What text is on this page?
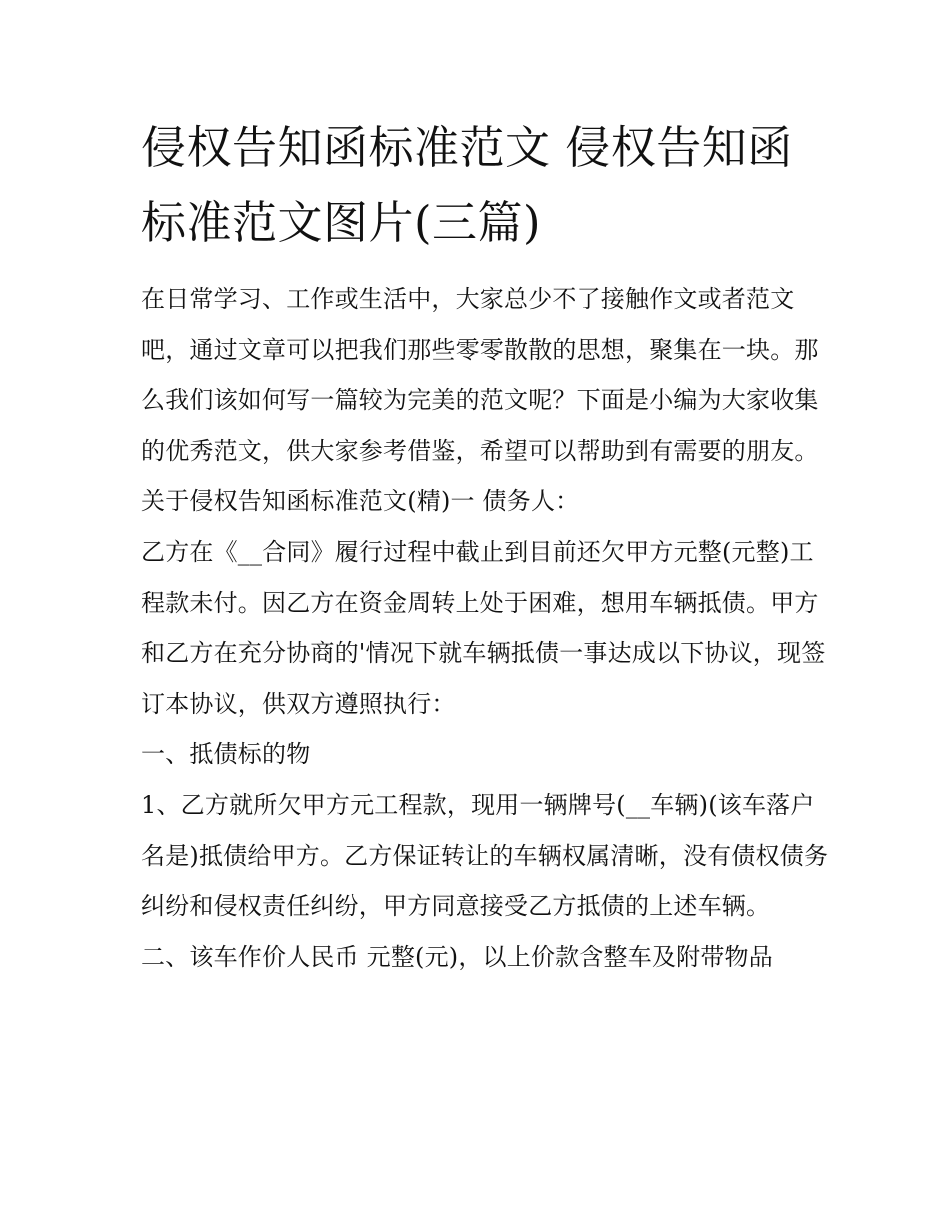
侵权告知函标准范文 侵权告知函标准范文图片(三篇)

在日常学习、工作或生活中，大家总少不了接触作文或者范文吧，通过文章可以把我们那些零零散散的思想，聚集在一块。那么我们该如何写一篇较为完美的范文呢？下面是小编为大家收集的优秀范文，供大家参考借鉴，希望可以帮助到有需要的朋友。

关于侵权告知函标准范文(精)一 债务人：

乙方在《__合同》履行过程中截止到目前还欠甲方元整(元整)工程款未付。因乙方在资金周转上处于困难，想用车辆抵债。甲方和乙方在充分协商的'情况下就车辆抵债一事达成以下协议，现签订本协议，供双方遵照执行：

一、抵债标的物

1、乙方就所欠甲方元工程款，现用一辆牌号(__车辆)(该车落户名是)抵债给甲方。乙方保证转让的车辆权属清晰，没有债权债务纠纷和侵权责任纠纷，甲方同意接受乙方抵债的上述车辆。

二、该车作价人民币 元整(元)，以上价款含整车及附带物品
